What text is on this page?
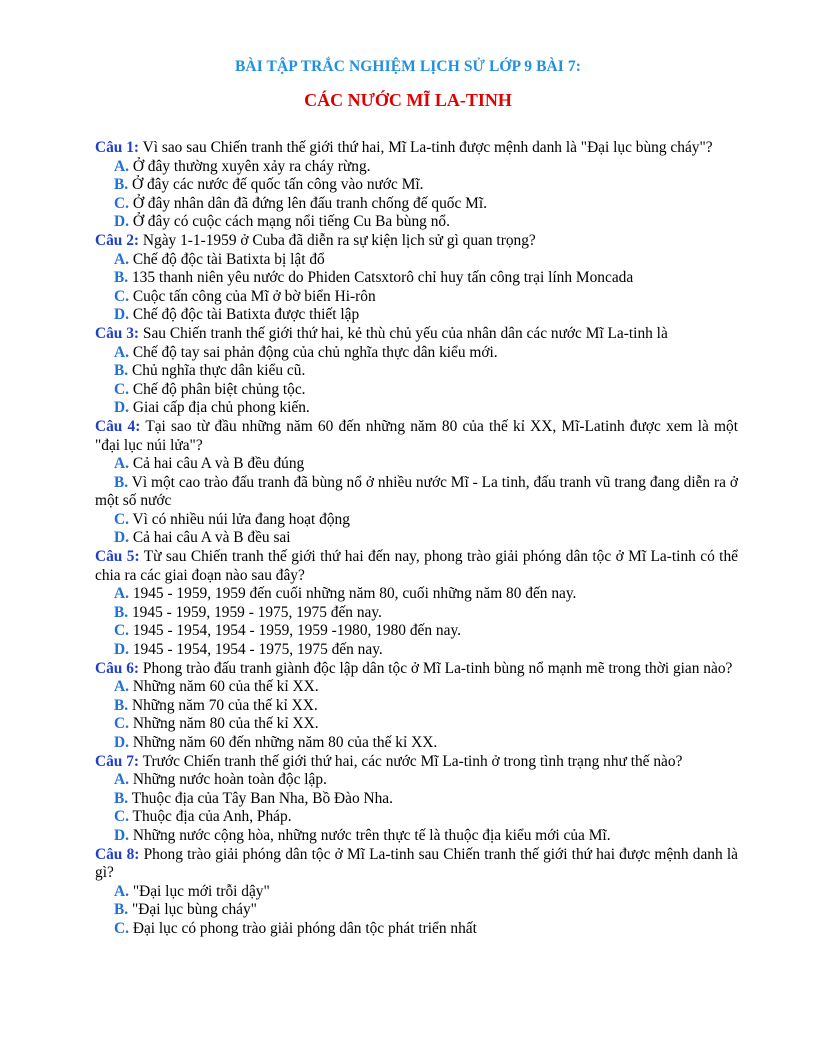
BÀI TẬP TRẮC NGHIỆM LỊCH SỬ LỚP 9 BÀI 7:
CÁC NƯỚC MĨ LA-TINH
Câu 1: Vì sao sau Chiến tranh thế giới thứ hai, Mĩ La-tinh được mệnh danh là "Đại lục bùng cháy"?
A. Ở đây thường xuyên xảy ra cháy rừng.
B. Ở đây các nước đế quốc tấn công vào nước Mĩ.
C. Ở đây nhân dân đã đứng lên đấu tranh chống đế quốc Mĩ.
D. Ở đây có cuộc cách mạng nổi tiếng Cu Ba bùng nổ.
Câu 2: Ngày 1-1-1959 ở Cuba đã diễn ra sự kiện lịch sử gì quan trọng?
A. Chế độ độc tài Batixta bị lật đổ
B. 135 thanh niên yêu nước do Phiden Catsxtorô chỉ huy tấn công trại lính Moncada
C. Cuộc tấn công của Mĩ ở bờ biển Hi-rôn
D. Chế độ độc tài Batixta được thiết lập
Câu 3: Sau Chiến tranh thế giới thứ hai, kẻ thù chủ yếu của nhân dân các nước Mĩ La-tinh là
A. Chế độ tay sai phản động của chủ nghĩa thực dân kiểu mới.
B. Chủ nghĩa thực dân kiểu cũ.
C. Chế độ phân biệt chủng tộc.
D. Giai cấp địa chủ phong kiến.
Câu 4: Tại sao từ đầu những năm 60 đến những năm 80 của thế kỉ XX, Mĩ-Latinh được xem là một "đại lục núi lửa"?
A. Cả hai câu A và B đều đúng
B. Vì một cao trào đấu tranh đã bùng nổ ở nhiều nước Mĩ - La tinh, đấu tranh vũ trang đang diễn ra ở một số nước
C. Vì có nhiều núi lửa đang hoạt động
D. Cả hai câu A và B đều sai
Câu 5: Từ sau Chiến tranh thế giới thứ hai đến nay, phong trào giải phóng dân tộc ở Mĩ La-tinh có thể chia ra các giai đoạn nào sau đây?
A. 1945 - 1959, 1959 đến cuối những năm 80, cuối những năm 80 đến nay.
B. 1945 - 1959, 1959 - 1975, 1975 đến nay.
C. 1945 - 1954, 1954 - 1959, 1959 -1980, 1980 đến nay.
D. 1945 - 1954, 1954 - 1975, 1975 đến nay.
Câu 6: Phong trào đấu tranh giành độc lập dân tộc ở Mĩ La-tinh bùng nổ mạnh mẽ trong thời gian nào?
A. Những năm 60 của thế kỉ XX.
B. Những năm 70 của thế kỉ XX.
C. Những năm 80 của thế kỉ XX.
D. Những năm 60 đến những năm 80 của thế kỉ XX.
Câu 7: Trước Chiến tranh thế giới thứ hai, các nước Mĩ La-tinh ở trong tình trạng như thế nào?
A. Những nước hoàn toàn độc lập.
B. Thuộc địa của Tây Ban Nha, Bồ Đào Nha.
C. Thuộc địa của Anh, Pháp.
D. Những nước cộng hòa, những nước trên thực tế là thuộc địa kiểu mới của Mĩ.
Câu 8: Phong trào giải phóng dân tộc ở Mĩ La-tinh sau Chiến tranh thế giới thứ hai được mệnh danh là gì?
A. "Đại lục mới trỗi dậy"
B. "Đại lục bùng cháy"
C. Đại lục có phong trào giải phóng dân tộc phát triển nhất
